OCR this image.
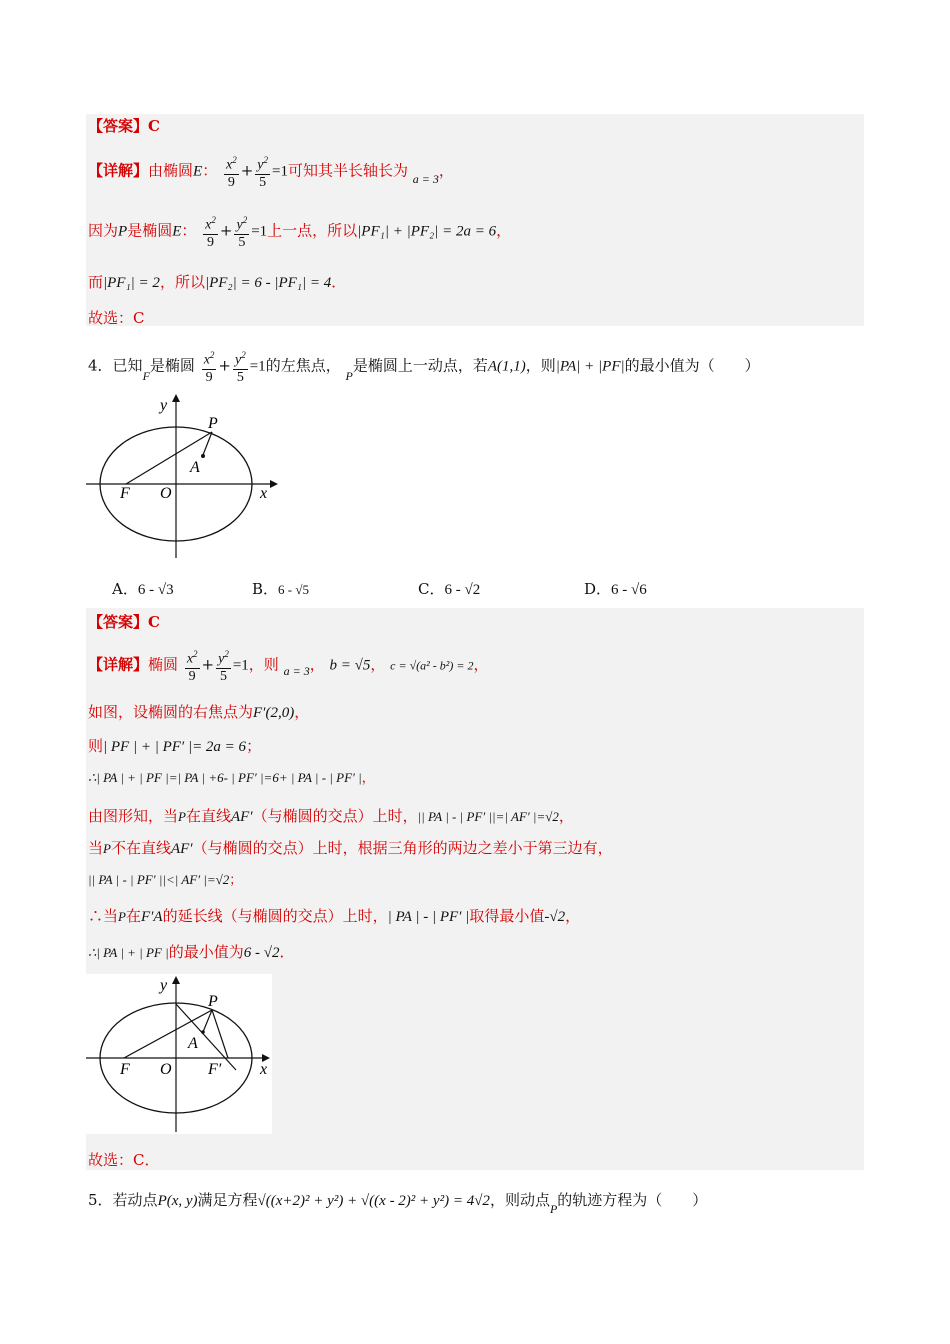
【答案】C
【详解】由椭圆E： $\frac{x^2}{9} + \frac{y^2}{5} =1$可知其半长轴长为 $_{a = 3}$，
因为P是椭圆E： $\frac{x^2}{9} + \frac{y^2}{5} =1$上一点，所以|PF₁| + |PF₂| = 2a = 6，
而|PF₁| = 2，所以|PF₂| = 6 - |PF₁| = 4．
故选：C
4．已知$_F$是椭圆 $\frac{x^2}{9} + \frac{y^2}{5} =1$的左焦点， $_P$是椭圆上一动点，若A(1,1)，则|PA| + |PF|的最小值为（　　）
y
P
A
F O	x
A．6 - √3	B．6 - √5	C．6 - √2	D．6 - √6
【答案】C
【详解】椭圆 $\frac{x^2}{9} + \frac{y^2}{5} =1$，则 $_{a = 3}$， b = √5， c = √(a² - b²) = 2，
如图，设椭圆的右焦点为F′(2,0)，
则| PF | + | PF′ |= 2a = 6；
∴| PA | + | PF |=| PA | +6- | PF′ |=6+ | PA | - | PF′ |，
由图形知，当P在直线AF′（与椭圆的交点）上时，|| PA | - | PF′ ||=| AF′ |=√2，
当P不在直线AF′（与椭圆的交点）上时，根据三角形的两边之差小于第三边有，
|| PA | - | PF′ ||<| AF′ |=√2；
∴当P在F′A的延长线（与椭圆的交点）上时，| PA | - | PF′ |取得最小值-√2，
∴| PA | + | PF |的最小值为6 - √2．
y
P
A
F O F′ x
故选：C．
5．若动点P(x, y)满足方程√((x+2)² + y²) + √((x - 2)² + y²) = 4√2，则动点$_P$的轨迹方程为（　　）
